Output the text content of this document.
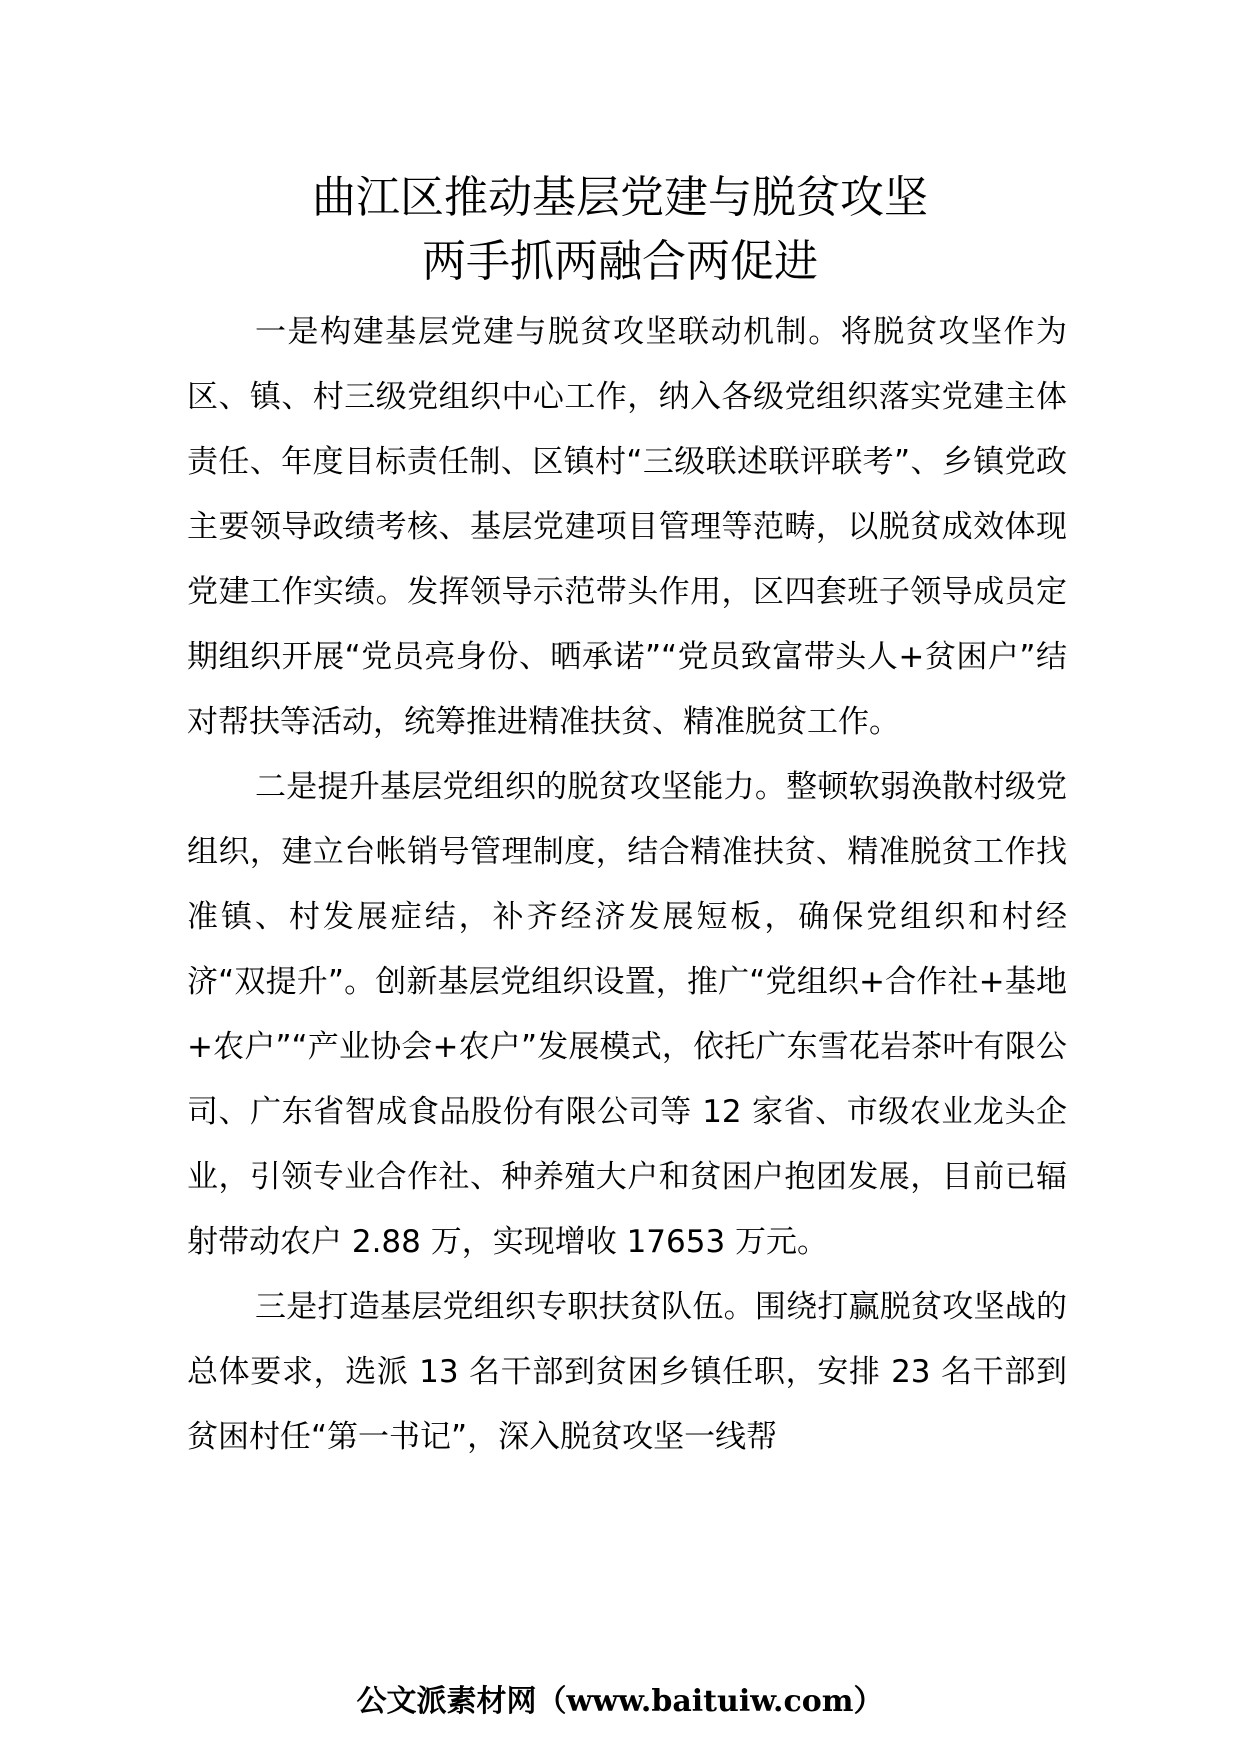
曲江区推动基层党建与脱贫攻坚
两手抓两融合两促进

一是构建基层党建与脱贫攻坚联动机制。将脱贫攻坚作为区、镇、村三级党组织中心工作，纳入各级党组织落实党建主体责任、年度目标责任制、区镇村“三级联述联评联考”、乡镇党政主要领导政绩考核、基层党建项目管理等范畴，以脱贫成效体现党建工作实绩。发挥领导示范带头作用，区四套班子领导成员定期组织开展“党员亮身份、晒承诺”“党员致富带头人+贫困户”结对帮扶等活动，统筹推进精准扶贫、精准脱贫工作。

二是提升基层党组织的脱贫攻坚能力。整顿软弱涣散村级党组织，建立台帐销号管理制度，结合精准扶贫、精准脱贫工作找准镇、村发展症结，补齐经济发展短板，确保党组织和村经济“双提升”。创新基层党组织设置，推广“党组织+合作社+基地+农户”“产业协会+农户”发展模式，依托广东雪花岩茶叶有限公司、广东省智成食品股份有限公司等 12 家省、市级农业龙头企业，引领专业合作社、种养殖大户和贫困户抱团发展，目前已辐射带动农户 2.88 万，实现增收 17653 万元。

三是打造基层党组织专职扶贫队伍。围绕打赢脱贫攻坚战的总体要求，选派 13 名干部到贫困乡镇任职，安排 23 名干部到贫困村任“第一书记”，深入脱贫攻坚一线帮

公文派素材网（www.baituiw.com）
